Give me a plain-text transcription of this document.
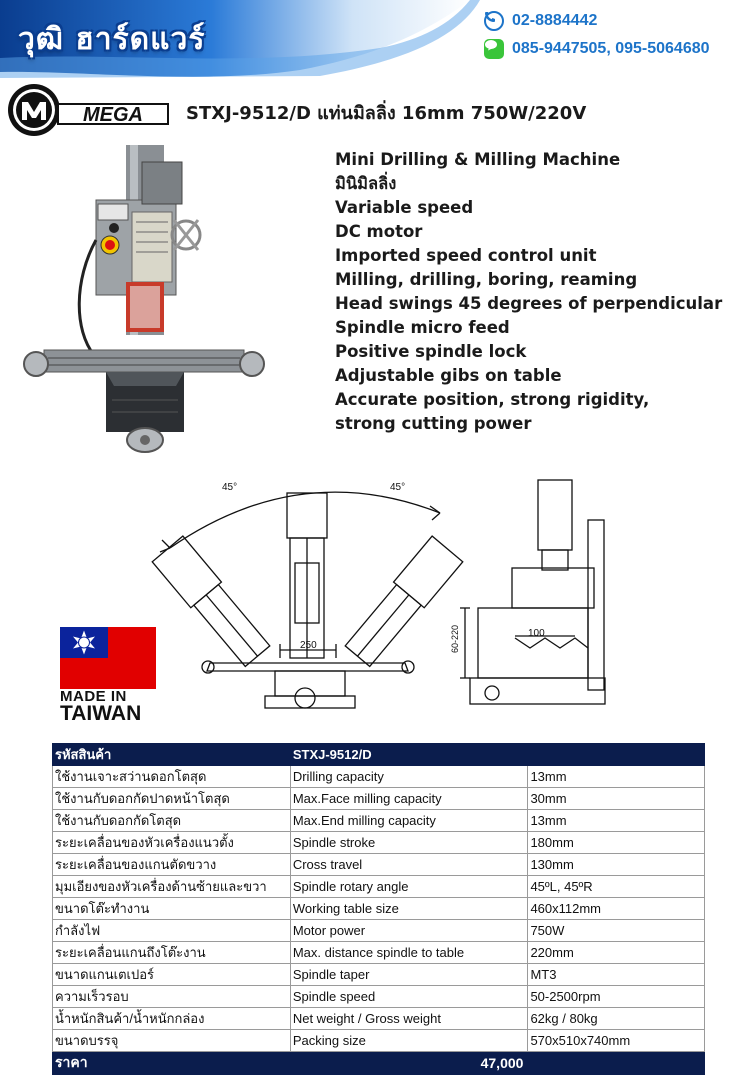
วุฒิ ฮาร์ดแวร์
02-8884442
085-9447505, 095-5064680
MEGA STXJ-9512/D แท่นมิลลิ่ง 16mm 750W/220V
Mini Drilling & Milling Machine
มินิมิลลิ่ง
Variable speed
DC motor
Imported speed control unit
Milling, drilling, boring, reaming
Head swings 45 degrees of perpendicular
Spindle micro feed
Positive spindle lock
Adjustable gibs on table
Accurate position, strong rigidity,
strong cutting power
45°	45°
250
100
60-220
MADE IN
TAIWAN
รหัสสินค้า	STXJ-9512/D	
ใช้งานเจาะสว่านดอกโตสุด	Drilling capacity	13mm
ใช้งานกับดอกกัดปาดหน้าโตสุด	Max.Face milling capacity	30mm
ใช้งานกับดอกกัดโตสุด	Max.End milling capacity	13mm
ระยะเคลื่อนของหัวเครื่องแนวตั้ง	Spindle stroke	180mm
ระยะเคลื่อนของแกนตัดขวาง	Cross travel	130mm
มุมเอียงของหัวเครื่องด้านซ้ายและขวา	Spindle rotary angle	45ºL, 45ºR
ขนาดโต๊ะทำงาน	Working table size	460x112mm
กำลังไฟ	Motor power	750W
ระยะเคลื่อนแกนถึงโต๊ะงาน	Max. distance spindle to table	220mm
ขนาดแกนเตเปอร์	Spindle taper	MT3
ความเร็วรอบ	Spindle speed	50-2500rpm
น้ำหนักสินค้า/น้ำหนักกล่อง	Net weight / Gross weight	62kg / 80kg
ขนาดบรรจุ	Packing size	570x510x740mm
ราคา	47,000	
